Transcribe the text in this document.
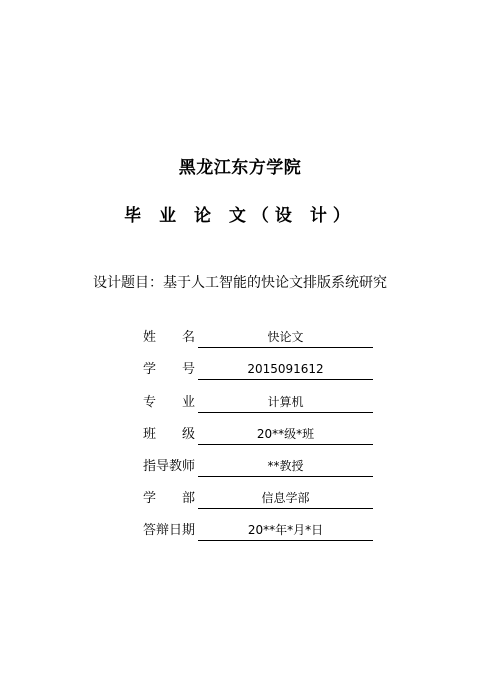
黑龙江东方学院
毕 业 论 文（设 计）
设计题目：基于人工智能的快论文排版系统研究
姓 名	快论文
学 号	2015091612
专 业	计算机
班 级	20**级*班
指导教师	**教授
学 部	信息学部
答辩日期	20**年*月*日
